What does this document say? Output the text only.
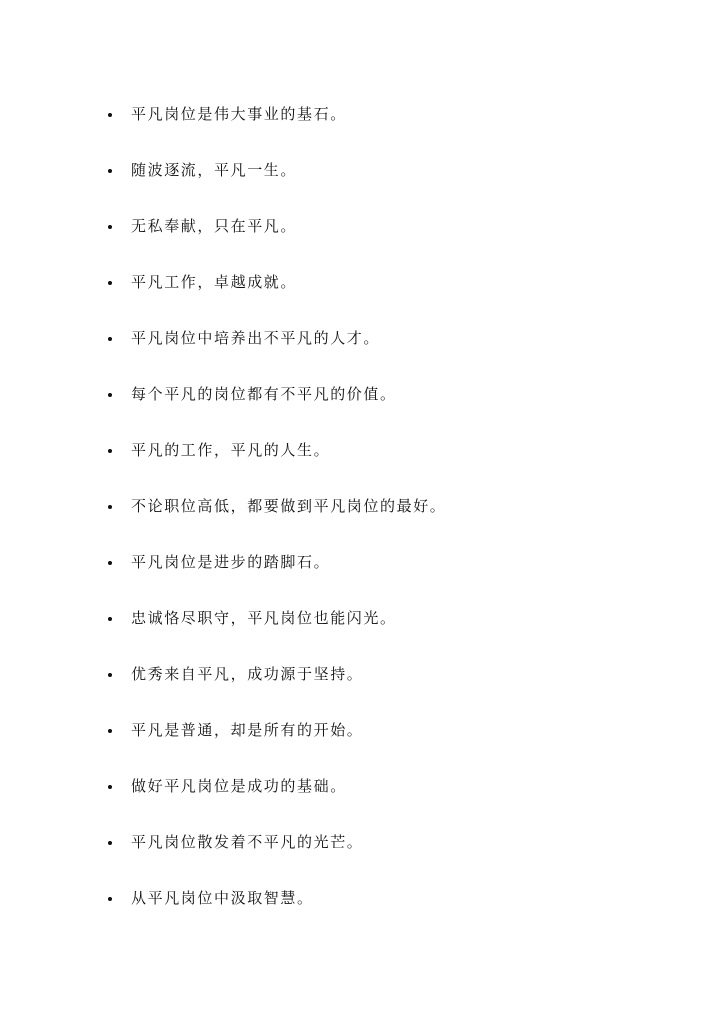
平凡岗位是伟大事业的基石。
随波逐流，平凡一生。
无私奉献，只在平凡。
平凡工作，卓越成就。
平凡岗位中培养出不平凡的人才。
每个平凡的岗位都有不平凡的价值。
平凡的工作，平凡的人生。
不论职位高低，都要做到平凡岗位的最好。
平凡岗位是进步的踏脚石。
忠诚恪尽职守，平凡岗位也能闪光。
优秀来自平凡，成功源于坚持。
平凡是普通，却是所有的开始。
做好平凡岗位是成功的基础。
平凡岗位散发着不平凡的光芒。
从平凡岗位中汲取智慧。
